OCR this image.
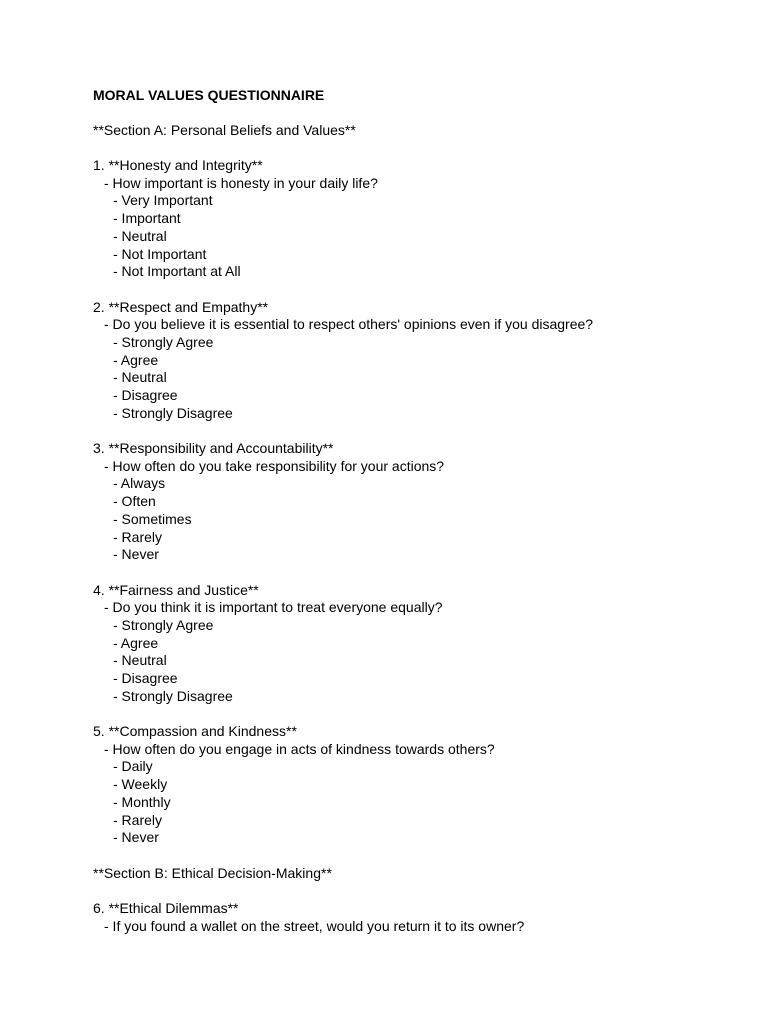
MORAL VALUES QUESTIONNAIRE
**Section A: Personal Beliefs and Values**
1. **Honesty and Integrity**
- How important is honesty in your daily life?
- Very Important
- Important
- Neutral
- Not Important
- Not Important at All
2. **Respect and Empathy**
- Do you believe it is essential to respect others' opinions even if you disagree?
- Strongly Agree
- Agree
- Neutral
- Disagree
- Strongly Disagree
3. **Responsibility and Accountability**
- How often do you take responsibility for your actions?
- Always
- Often
- Sometimes
- Rarely
- Never
4. **Fairness and Justice**
- Do you think it is important to treat everyone equally?
- Strongly Agree
- Agree
- Neutral
- Disagree
- Strongly Disagree
5. **Compassion and Kindness**
- How often do you engage in acts of kindness towards others?
- Daily
- Weekly
- Monthly
- Rarely
- Never
**Section B: Ethical Decision-Making**
6. **Ethical Dilemmas**
- If you found a wallet on the street, would you return it to its owner?
